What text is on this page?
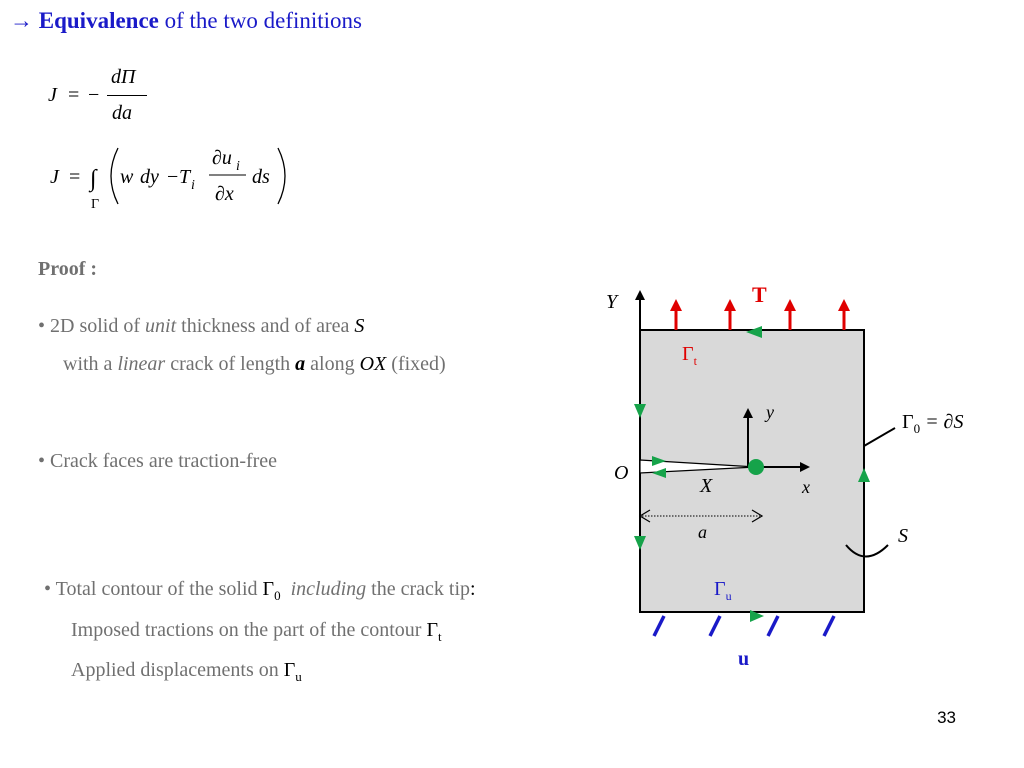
→ Equivalence of the two definitions
J = −
dΠ
da
J = ∫
Γ
w dy − T i
∂u i
∂x
ds
Proof :
• 2D solid of unit thickness and of area S
with a linear crack of length a along OX (fixed)
• Crack faces are traction-free
• Total contour of the solid $\Gamma_0$ including the crack tip:
Imposed tractions on the part of the contour $\Gamma_t$
Applied displacements on $\Gamma_u$
Y
y
x
X
O
a
T
$\Gamma_t$
$\Gamma_u$
u
$\Gamma_0 = \partial S$
S
33
